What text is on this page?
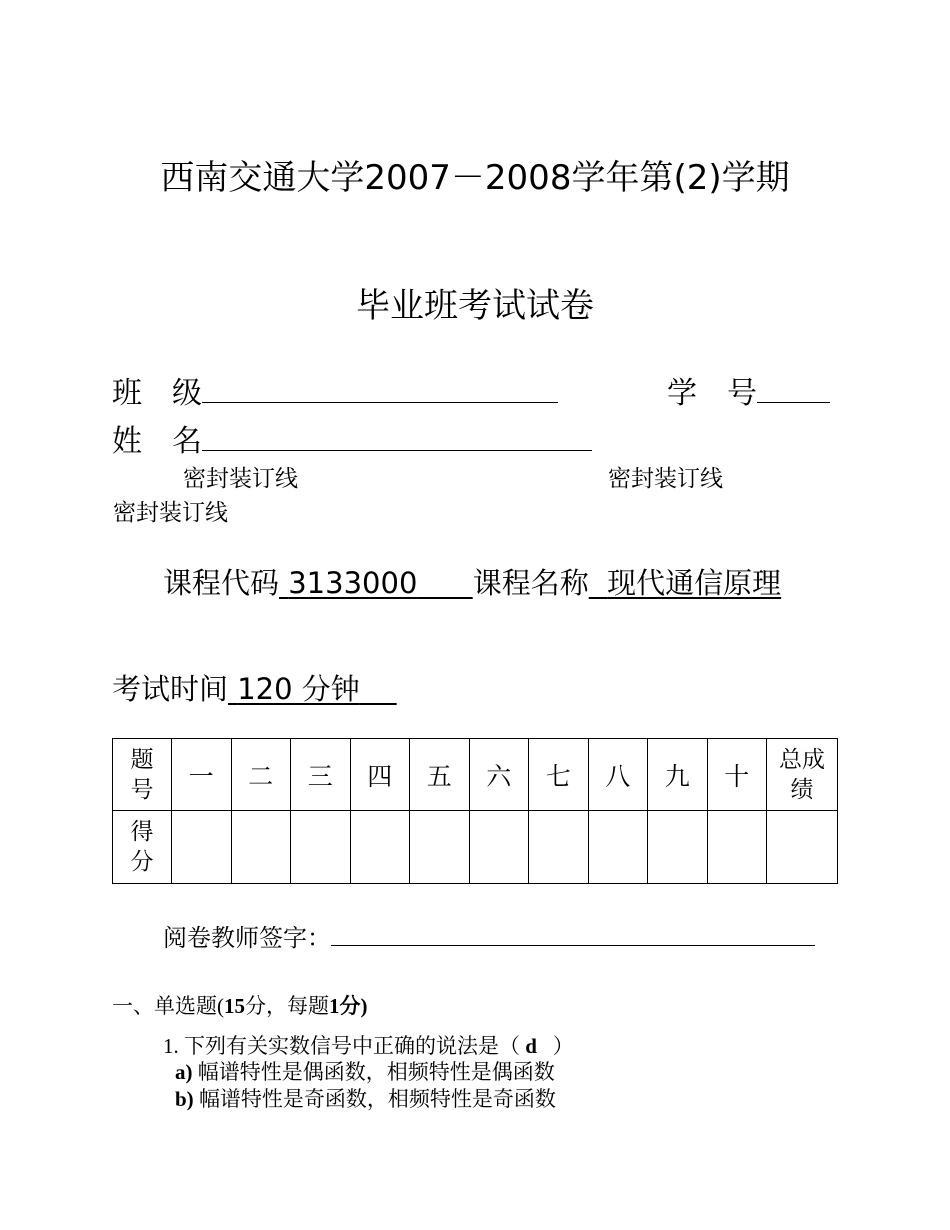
西南交通大学2007－2008学年第(2)学期
毕业班考试试卷
班　级	学　号
姓　名
密封装订线	密封装订线
密封装订线
课程代码 3133000 课程名称 现代通信原理
考试时间 120 分钟
题号	一	二	三	四	五	六	七	八	九	十	总成绩
得分											
阅卷教师签字：
一、单选题(15分，每题1分)
1. 下列有关实数信号中正确的说法是（ d ）
a) 幅谱特性是偶函数，相频特性是偶函数
b) 幅谱特性是奇函数，相频特性是奇函数
